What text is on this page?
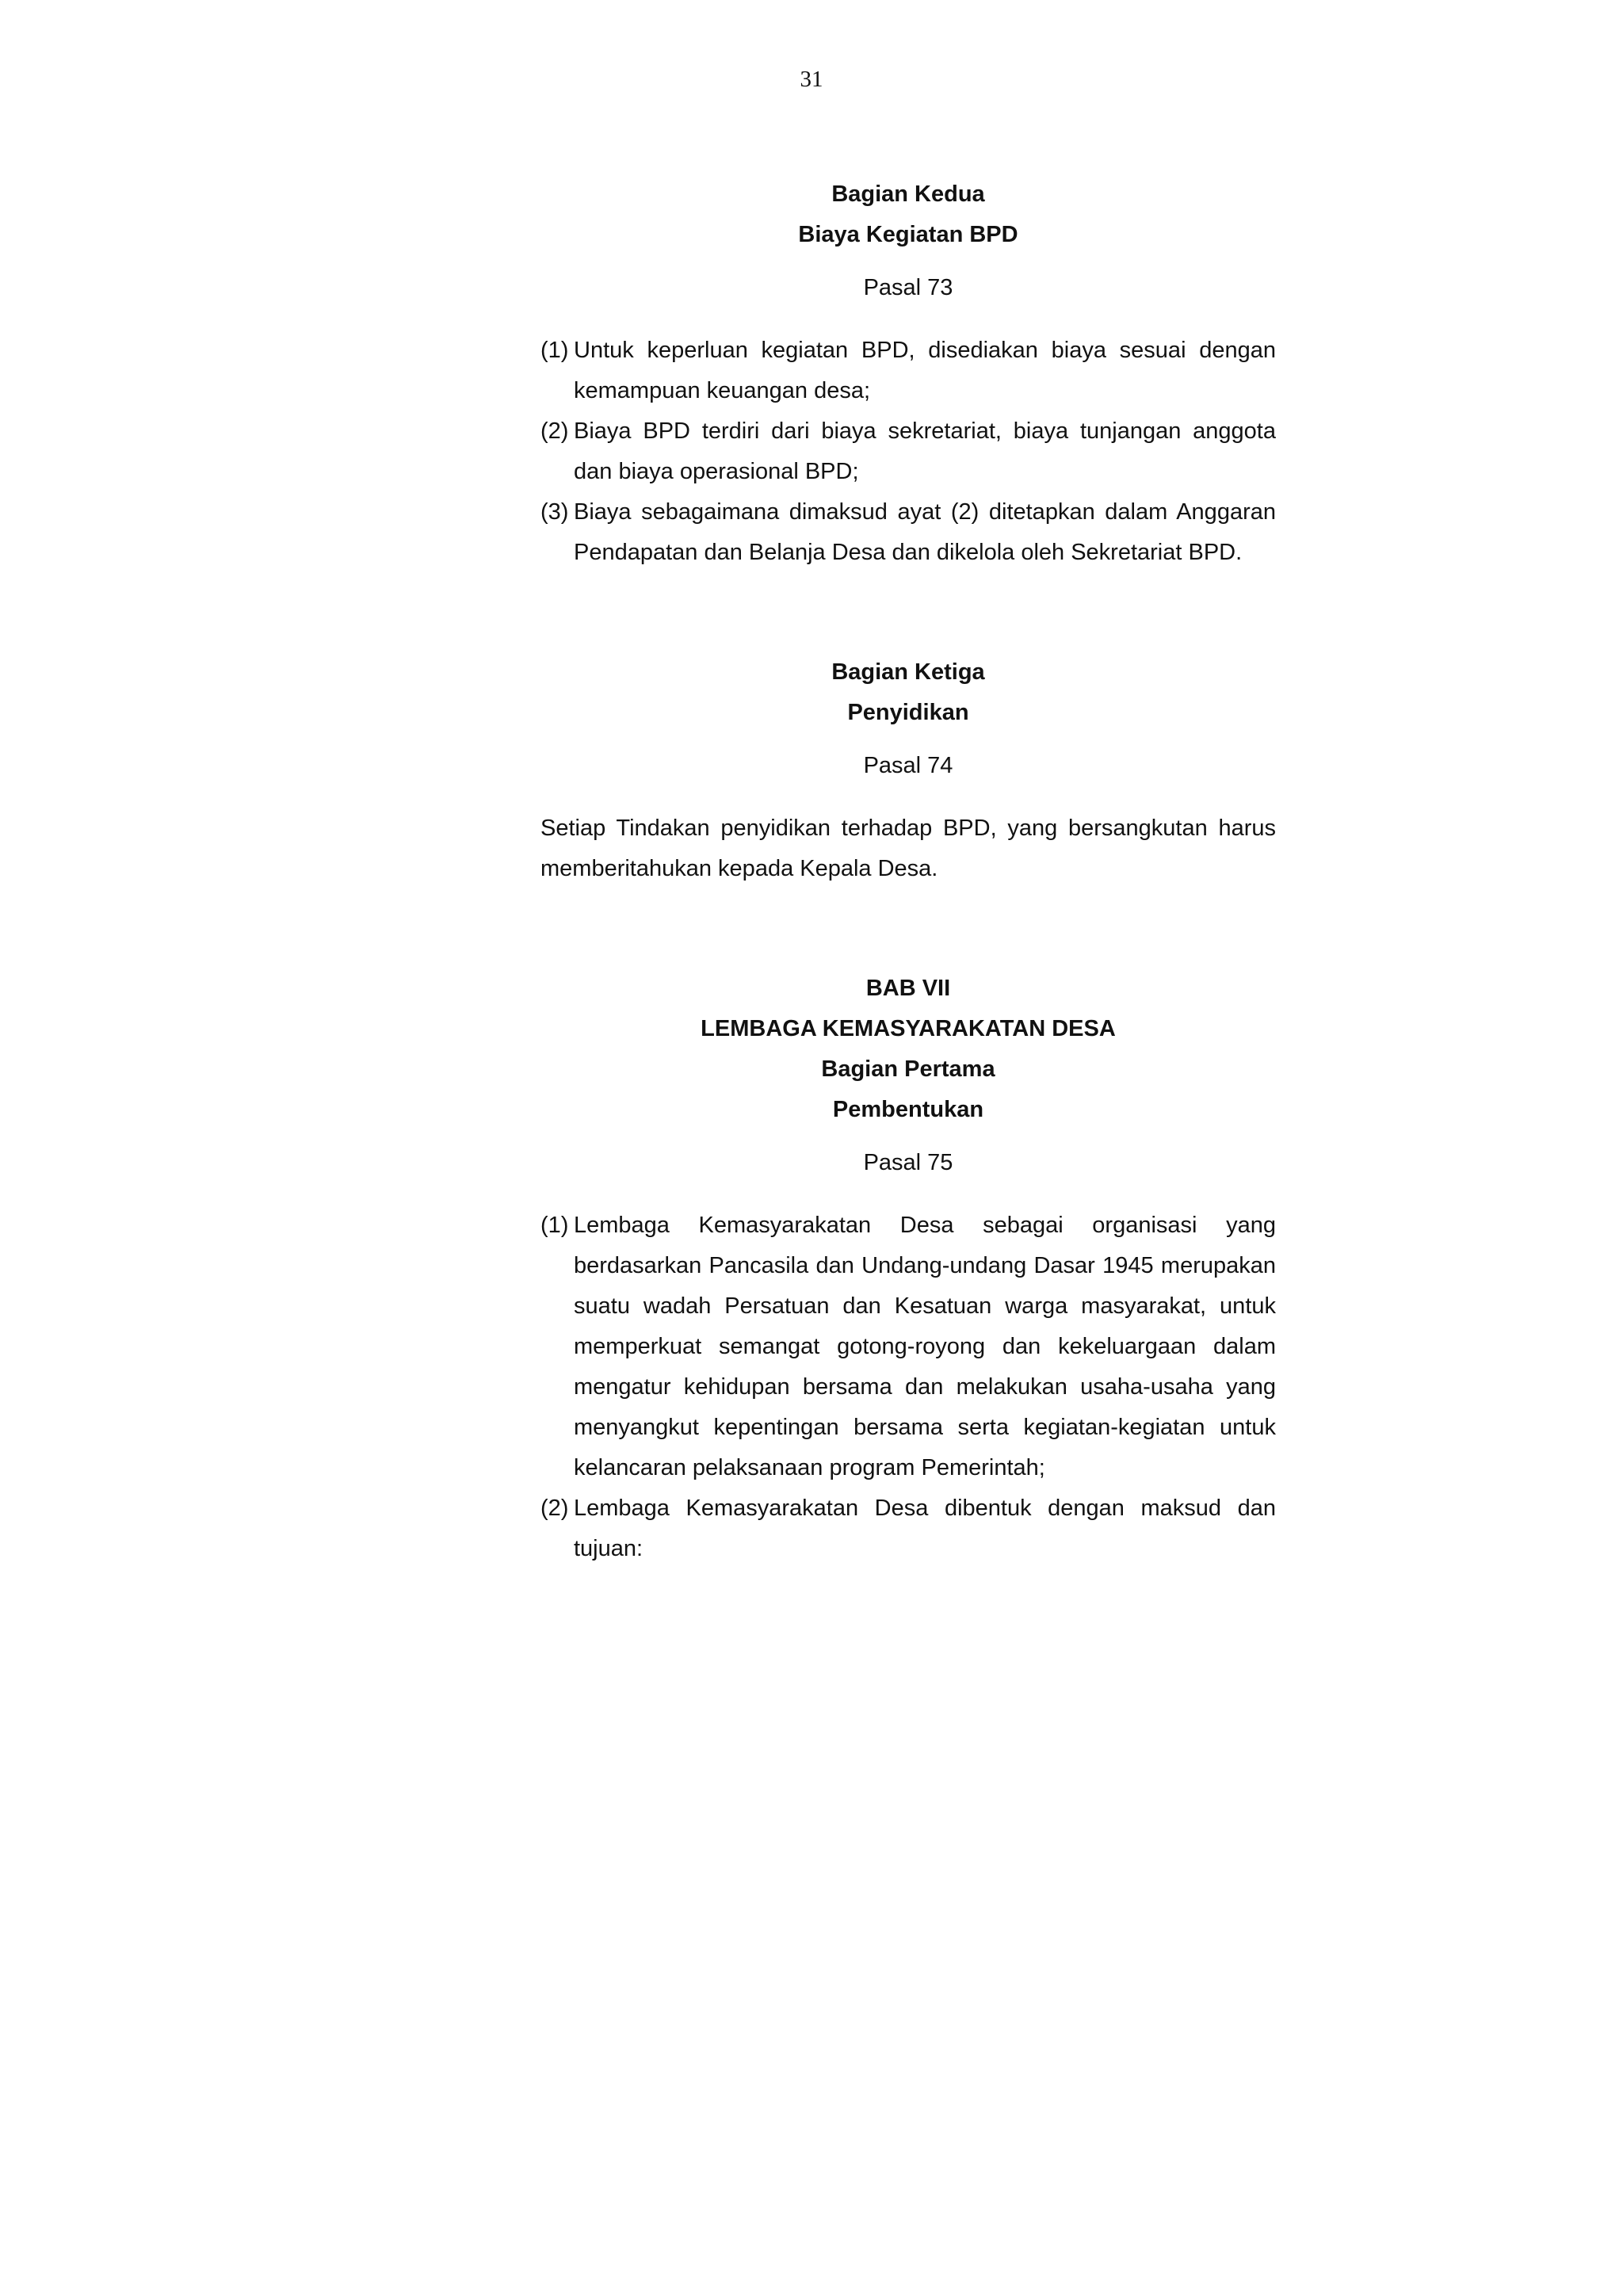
31

Bagian Kedua

Biaya Kegiatan BPD

Pasal 73

(1) Untuk keperluan kegiatan BPD, disediakan biaya sesuai dengan kemampuan keuangan desa;
(2) Biaya BPD terdiri dari biaya sekretariat, biaya tunjangan anggota dan biaya operasional BPD;
(3) Biaya sebagaimana dimaksud ayat (2) ditetapkan dalam Anggaran Pendapatan dan Belanja Desa dan dikelola oleh Sekretariat BPD.

Bagian Ketiga

Penyidikan

Pasal 74

Setiap Tindakan penyidikan terhadap BPD, yang bersangkutan harus memberitahukan kepada Kepala Desa.

BAB VII

LEMBAGA KEMASYARAKATAN DESA

Bagian Pertama

Pembentukan

Pasal 75

(1) Lembaga Kemasyarakatan Desa sebagai organisasi yang berdasarkan Pancasila dan Undang-undang Dasar 1945 merupakan suatu wadah Persatuan dan Kesatuan warga masyarakat, untuk memperkuat semangat gotong-royong dan kekeluargaan dalam mengatur kehidupan bersama dan melakukan usaha-usaha yang menyangkut kepentingan bersama serta kegiatan-kegiatan untuk kelancaran pelaksanaan program Pemerintah;
(2) Lembaga Kemasyarakatan Desa dibentuk dengan maksud dan tujuan:
